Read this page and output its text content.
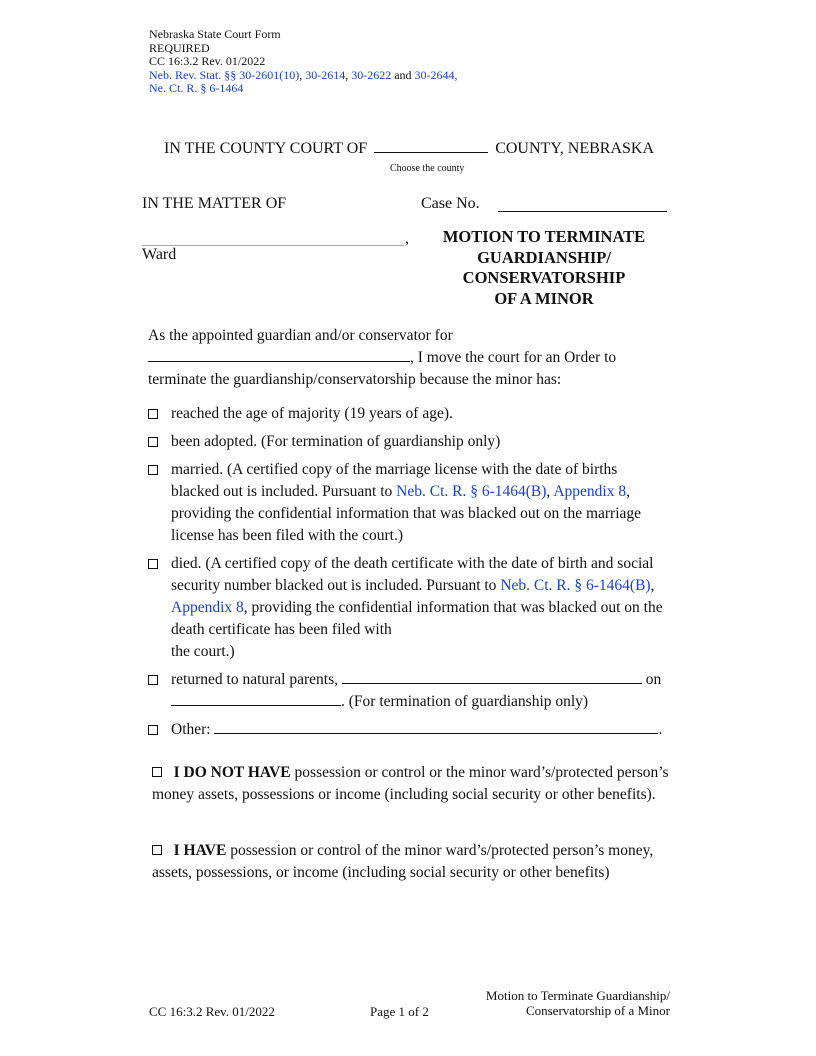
Nebraska State Court Form
REQUIRED
CC 16:3.2 Rev. 01/2022
Neb. Rev. Stat. §§ 30-2601(10), 30-2614, 30-2622 and 30-2644,
Ne. Ct. R. § 6-1464
IN THE COUNTY COURT OF	COUNTY, NEBRASKA
Choose the county
IN THE MATTER OF	Case No.
,
Ward
MOTION TO TERMINATE
GUARDIANSHIP/
CONSERVATORSHIP
OF A MINOR
As the appointed guardian and/or conservator for
, I move the court for an Order to
terminate the guardianship/conservatorship because the minor has:
reached the age of majority (19 years of age).
been adopted. (For termination of guardianship only)
married. (A certified copy of the marriage license with the date of births blacked out is included. Pursuant to Neb. Ct. R. § 6-1464(B), Appendix 8, providing the confidential information that was blacked out on the marriage license has been filed with the court.)
died. (A certified copy of the death certificate with the date of birth and social security number blacked out is included. Pursuant to Neb. Ct. R. § 6-1464(B), Appendix 8, providing the confidential information that was blacked out on the death certificate has been filed with
the court.)
returned to natural parents,	on
. (For termination of guardianship only)
Other:	.
I DO NOT HAVE possession or control or the minor ward’s/protected person’s money assets, possessions or income (including social security or other benefits).
I HAVE possession or control of the minor ward’s/protected person’s money, assets, possessions, or income (including social security or other benefits)
CC 16:3.2 Rev. 01/2022	Page 1 of 2
Motion to Terminate Guardianship/
Conservatorship of a Minor
